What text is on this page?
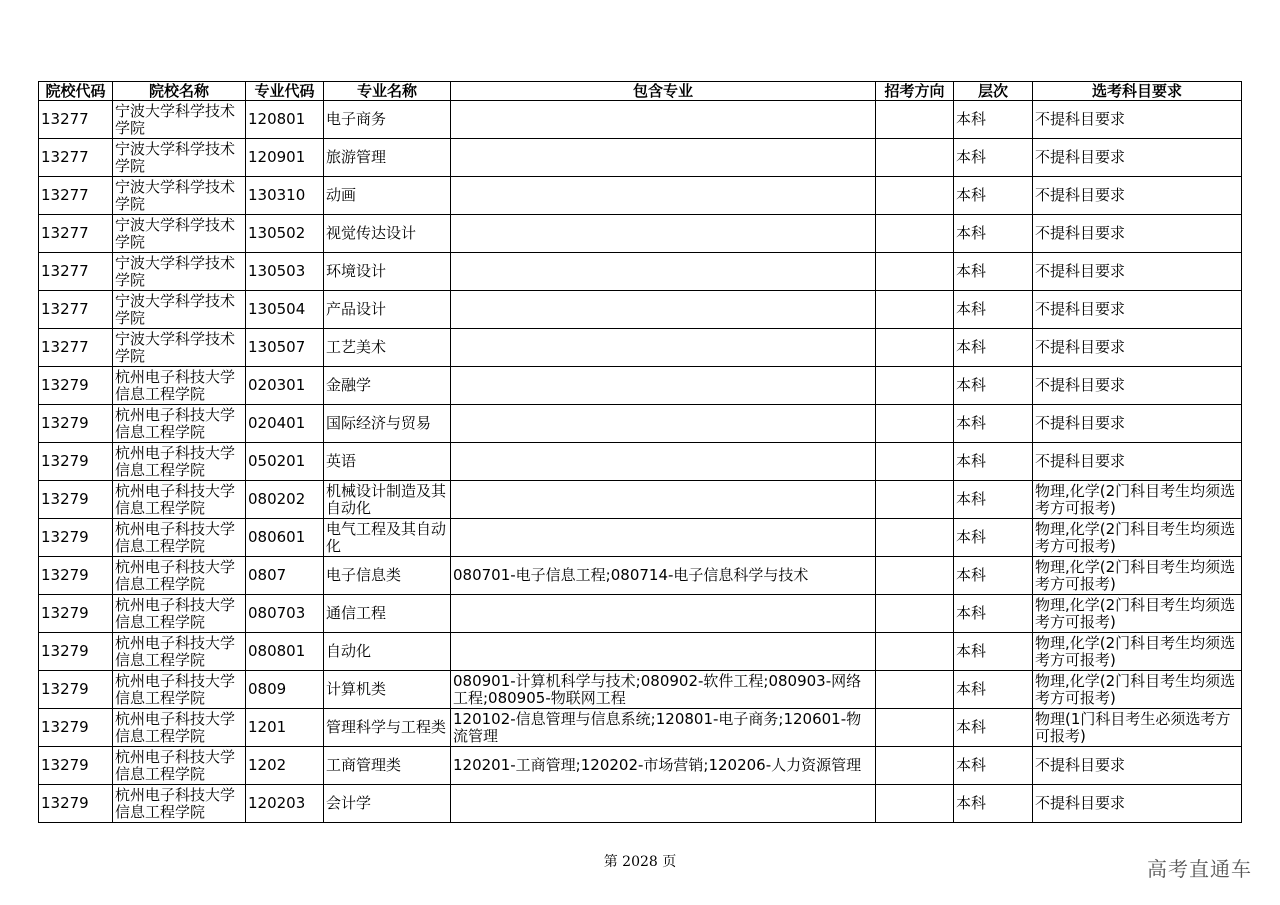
院校代码	院校名称	专业代码	专业名称	包含专业	招考方向	层次	选考科目要求
13277	宁波大学科学技术学院	120801	电子商务			本科	不提科目要求
13277	宁波大学科学技术学院	120901	旅游管理			本科	不提科目要求
13277	宁波大学科学技术学院	130310	动画			本科	不提科目要求
13277	宁波大学科学技术学院	130502	视觉传达设计			本科	不提科目要求
13277	宁波大学科学技术学院	130503	环境设计			本科	不提科目要求
13277	宁波大学科学技术学院	130504	产品设计			本科	不提科目要求
13277	宁波大学科学技术学院	130507	工艺美术			本科	不提科目要求
13279	杭州电子科技大学信息工程学院	020301	金融学			本科	不提科目要求
13279	杭州电子科技大学信息工程学院	020401	国际经济与贸易			本科	不提科目要求
13279	杭州电子科技大学信息工程学院	050201	英语			本科	不提科目要求
13279	杭州电子科技大学信息工程学院	080202	机械设计制造及其自动化			本科	物理,化学(2门科目考生均须选考方可报考)
13279	杭州电子科技大学信息工程学院	080601	电气工程及其自动化			本科	物理,化学(2门科目考生均须选考方可报考)
13279	杭州电子科技大学信息工程学院	0807	电子信息类	080701-电子信息工程;080714-电子信息科学与技术		本科	物理,化学(2门科目考生均须选考方可报考)
13279	杭州电子科技大学信息工程学院	080703	通信工程			本科	物理,化学(2门科目考生均须选考方可报考)
13279	杭州电子科技大学信息工程学院	080801	自动化			本科	物理,化学(2门科目考生均须选考方可报考)
13279	杭州电子科技大学信息工程学院	0809	计算机类	080901-计算机科学与技术;080902-软件工程;080903-网络工程;080905-物联网工程		本科	物理,化学(2门科目考生均须选考方可报考)
13279	杭州电子科技大学信息工程学院	1201	管理科学与工程类	120102-信息管理与信息系统;120801-电子商务;120601-物流管理		本科	物理(1门科目考生必须选考方可报考)
13279	杭州电子科技大学信息工程学院	1202	工商管理类	120201-工商管理;120202-市场营销;120206-人力资源管理		本科	不提科目要求
13279	杭州电子科技大学信息工程学院	120203	会计学			本科	不提科目要求
第 2028 页	高考直通车
